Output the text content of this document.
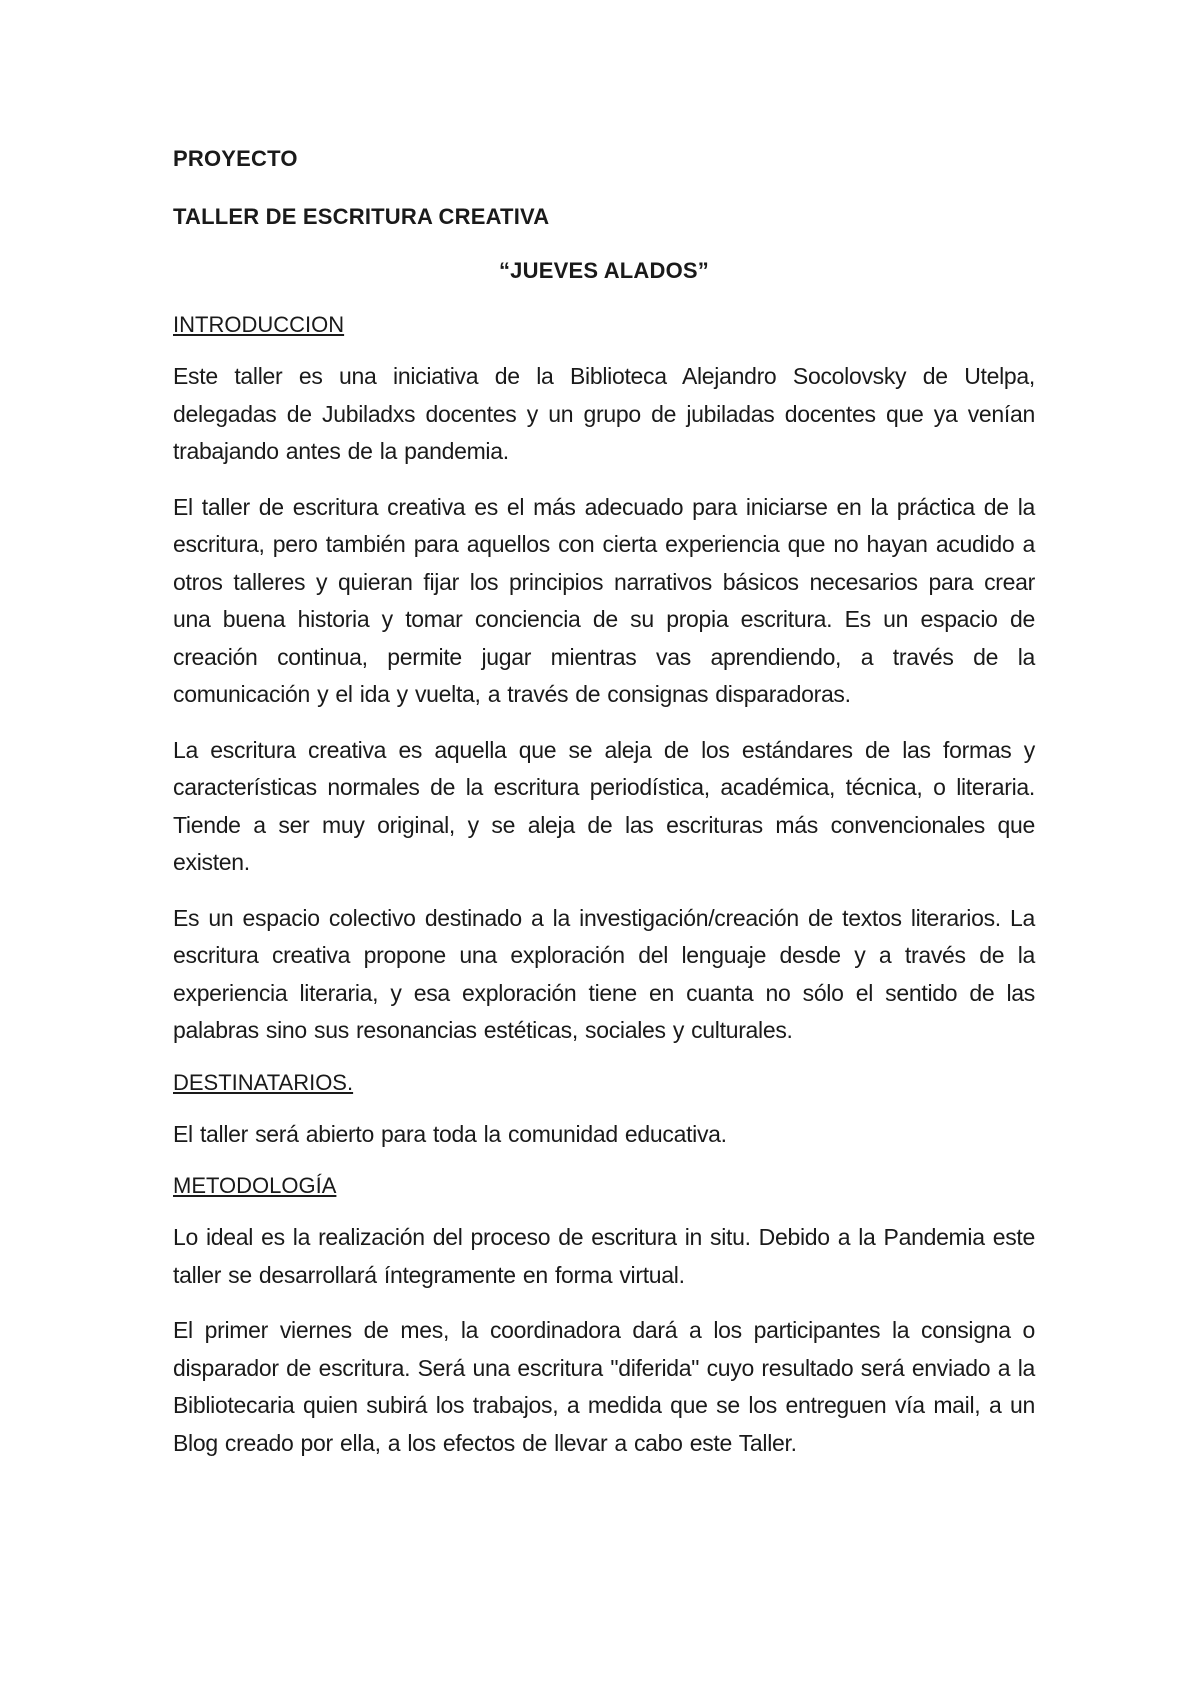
PROYECTO

TALLER DE ESCRITURA CREATIVA

“JUEVES ALADOS”

INTRODUCCION

Este taller es una iniciativa de la Biblioteca Alejandro Socolovsky de Utelpa, delegadas de Jubiladxs docentes y un grupo de jubiladas docentes que ya venían trabajando antes de la pandemia.

El taller de escritura creativa es el más adecuado para iniciarse en la práctica de la escritura, pero también para aquellos con cierta experiencia que no hayan acudido a otros talleres y quieran fijar los principios narrativos básicos necesarios para crear una buena historia y tomar conciencia de su propia escritura. Es un espacio de creación continua, permite jugar mientras vas aprendiendo, a través de la comunicación y el ida y vuelta, a través de consignas disparadoras.

La escritura creativa es aquella que se aleja de los estándares de las formas y características normales de la escritura periodística, académica, técnica, o literaria. Tiende a ser muy original, y se aleja de las escrituras más convencionales que existen.

Es un espacio colectivo destinado a la investigación/creación de textos literarios. La escritura creativa propone una exploración del lenguaje desde y a través de la experiencia literaria, y esa exploración tiene en cuanta no sólo el sentido de las palabras sino sus resonancias estéticas, sociales y culturales.

DESTINATARIOS.

El taller será abierto para toda la comunidad educativa.

METODOLOGÍA

Lo ideal es la realización del proceso de escritura in situ. Debido a la Pandemia este taller se desarrollará íntegramente en forma virtual.

El primer viernes de mes, la coordinadora dará a los participantes la consigna o disparador de escritura. Será una escritura "diferida" cuyo resultado será enviado a la Bibliotecaria quien subirá los trabajos, a medida que se los entreguen vía mail, a un Blog creado por ella, a los efectos de llevar a cabo este Taller.
